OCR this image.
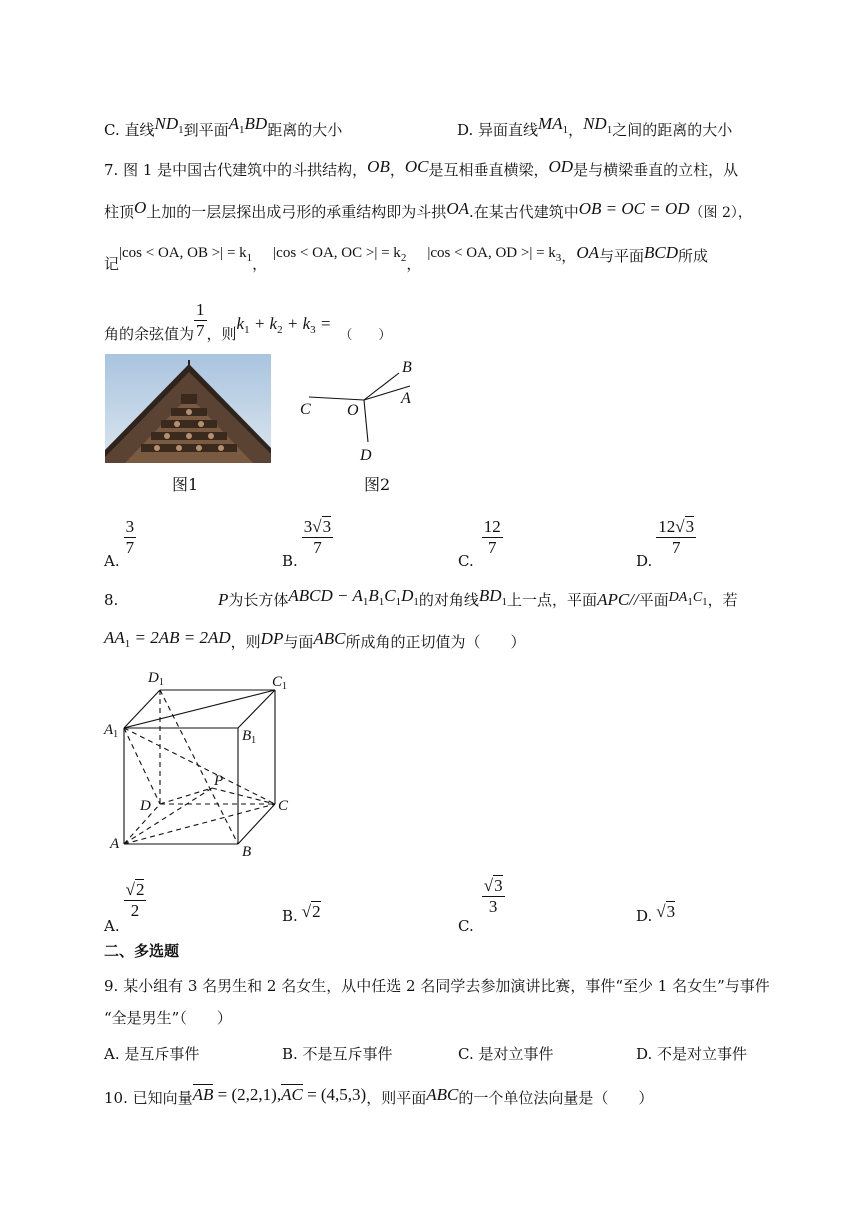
C. 直线$ND_1$到平面$A_1BD$距离的大小	D. 异面直线$MA_1$，$ND_1$之间的距离的大小
7. 图 1 是中国古代建筑中的斗拱结构，OB，OC是互相垂直横梁，OD是与横梁垂直的立柱，从
柱顶O上加的一层层探出成弓形的承重结构即为斗拱OA.在某古代建筑中OB = OC = OD（图 2），
记|cos < OA, OB >| = $k_1$，|cos < OA, OC >| = $k_2$，|cos < OA, OD >| = $k_3$，OA与平面BCD所成
角的余弦值为 $\frac{1}{7}$ ，则$k_1 + k_2 + k_3$ =（　　）
图1
B
A
C O
D
图2
A.
$\frac{3}{7}$
B.
$\frac{3√3}{7}$
C.
$\frac{12}{7}$
D.
$\frac{12√3}{7}$
8.	P为长方体ABCD − $A_1B_1C_1D_1$的对角线$BD_1$上一点，平面APC//平面$DA_1C_1$，若
$AA_1 = 2AB = 2AD$，则DP与面ABC所成角的正切值为（　　）
$D_1$	$C_1$
$A_1$	$B_1$
P
D	C
A	B
A.
$\frac{√2}{2}$	B. √2
C.
$\frac{√3}{3}$	D. √3
二、多选题
9. 某小组有 3 名男生和 2 名女生，从中任选 2 名同学去参加演讲比赛，事件“至少 1 名女生”与事件
“全是男生”（　　）
A. 是互斥事件	B. 不是互斥事件	C. 是对立事件	D. 不是对立事件
10. 已知向量AB = (2,2,1),AC = (4,5,3)，则平面ABC的一个单位法向量是（　　）
